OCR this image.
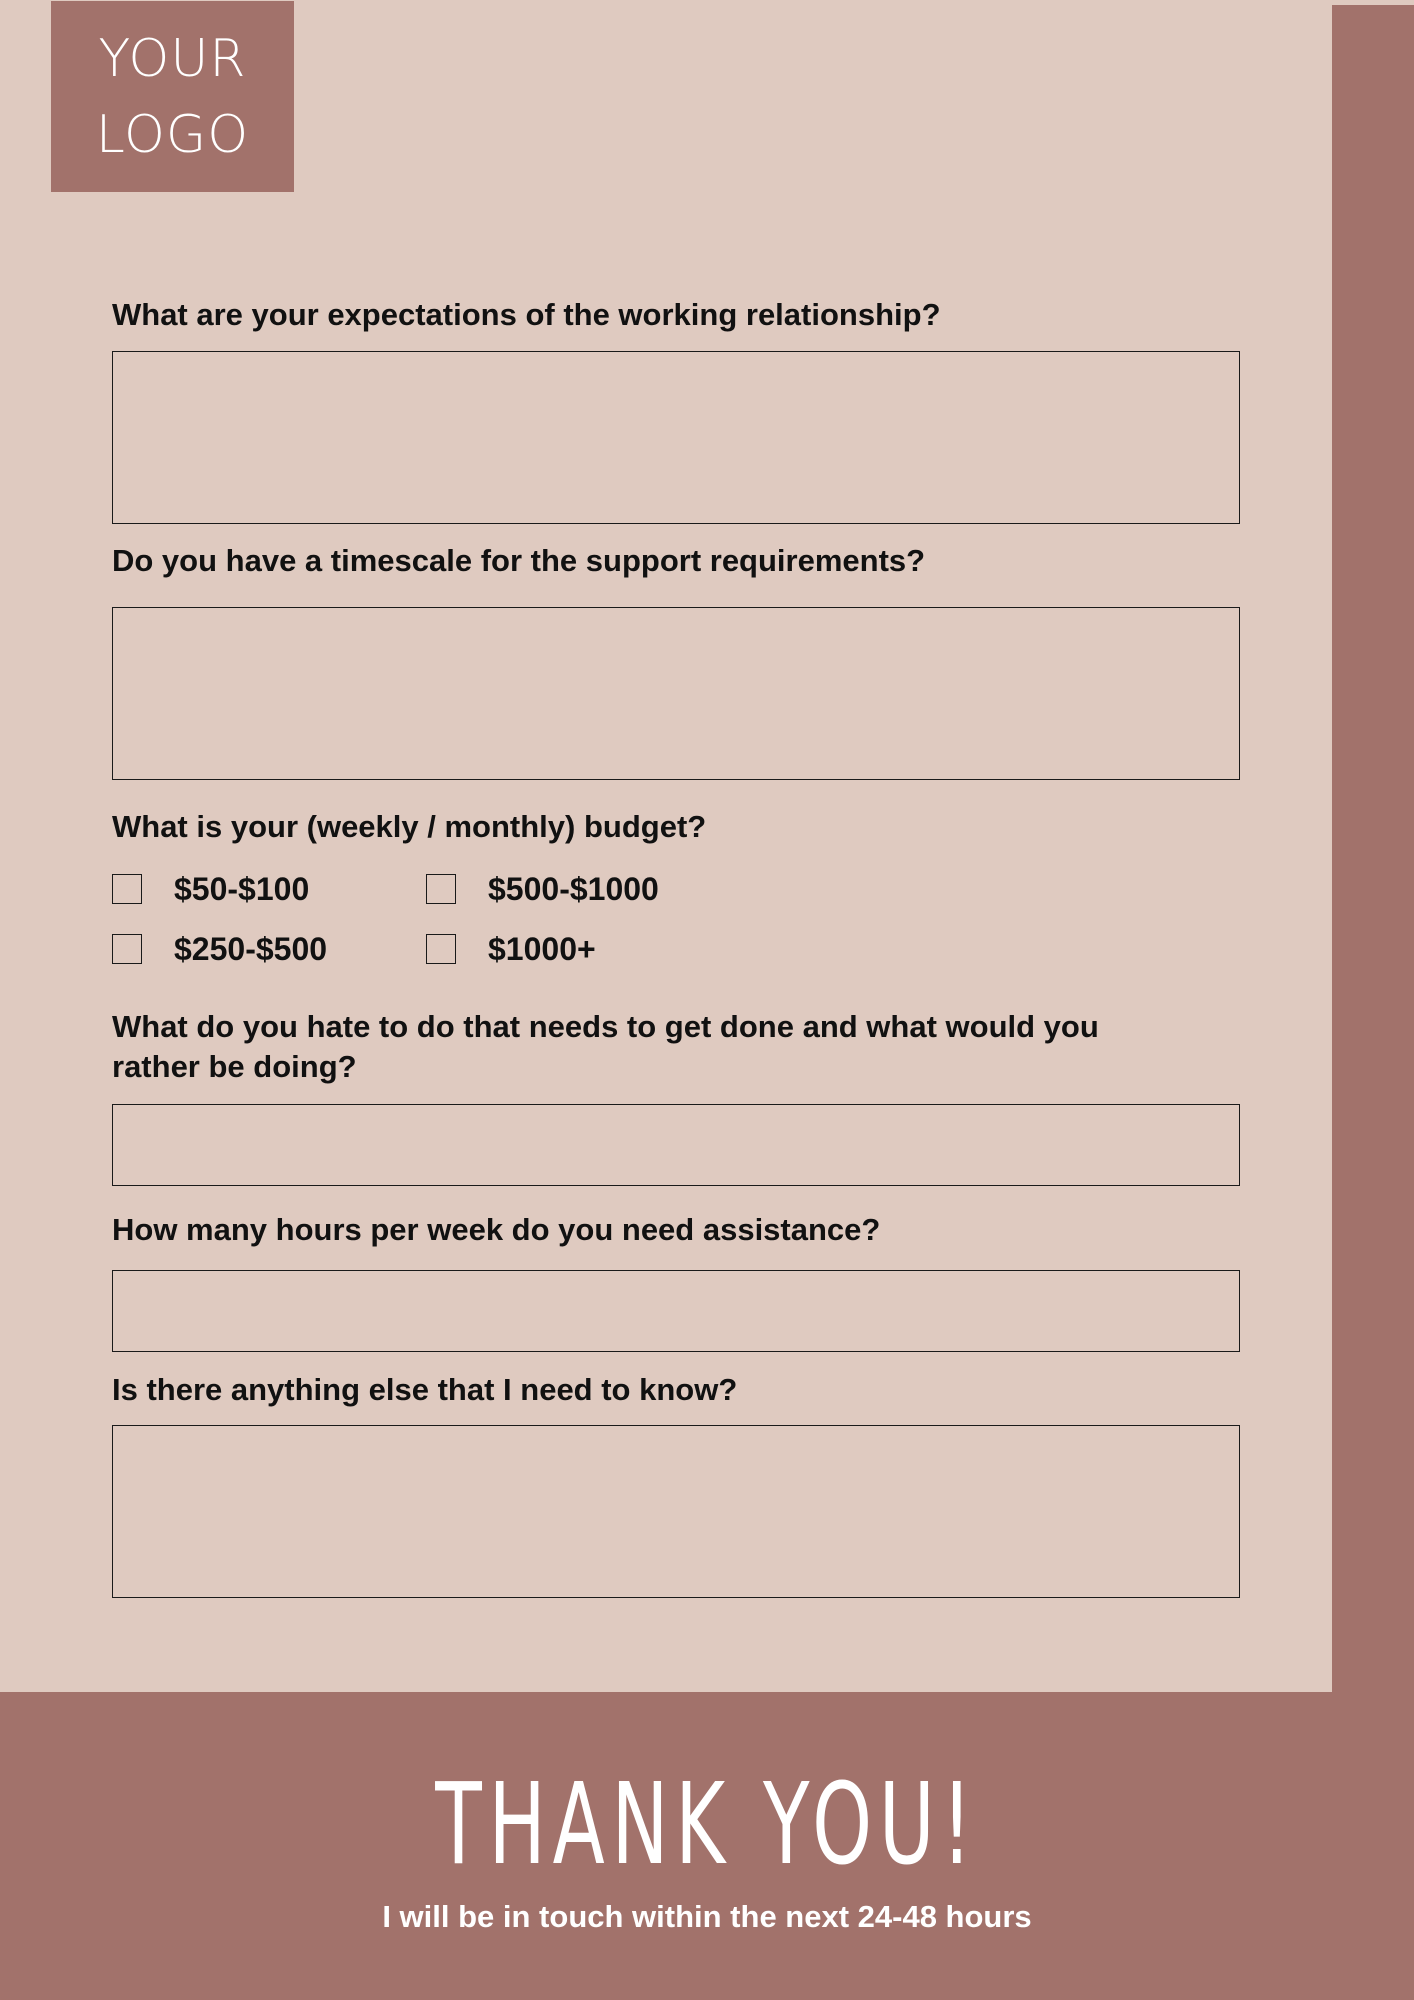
YOUR
LOGO

What are your expectations of the working relationship?

Do you have a timescale for the support requirements?

What is your (weekly / monthly) budget?

$50-$100	$500-$1000
$250-$500	$1000+

What do you hate to do that needs to get done and what would you rather be doing?

How many hours per week do you need assistance?

Is there anything else that I need to know?

THANK YOU!
I will be in touch within the next 24-48 hours
